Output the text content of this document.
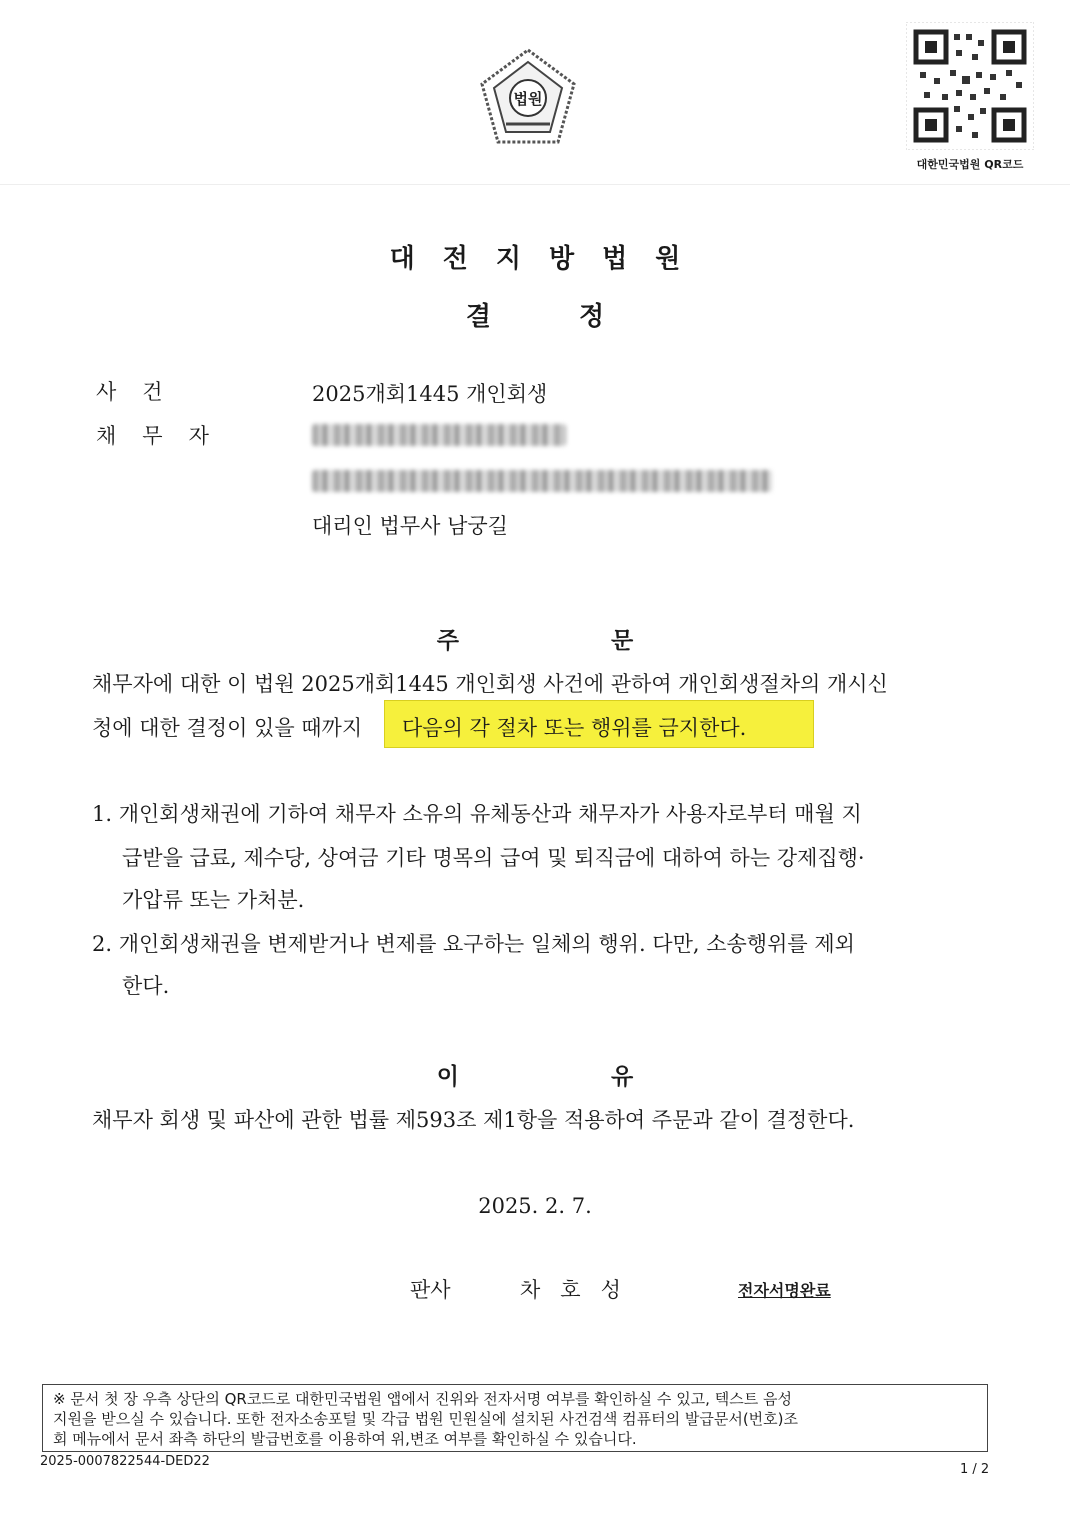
법원
대한민국법원 QR코드
대전지방법원
결정
사건	2025개회1445 개인회생
채무자
대리인 법무사 남궁길
주 문
채무자에 대한 이 법원 2025개회1445 개인회생 사건에 관하여 개인회생절차의 개시신
청에 대한 결정이 있을 때까지 다음의 각 절차 또는 행위를 금지한다.
1. 개인회생채권에 기하여 채무자 소유의 유체동산과 채무자가 사용자로부터 매월 지
급받을 급료, 제수당, 상여금 기타 명목의 급여 및 퇴직금에 대하여 하는 강제집행·
가압류 또는 가처분.
2. 개인회생채권을 변제받거나 변제를 요구하는 일체의 행위. 다만, 소송행위를 제외
한다.
이 유
채무자 회생 및 파산에 관한 법률 제593조 제1항을 적용하여 주문과 같이 결정한다.
2025. 2. 7.
판사	차호성	전자서명완료
※ 문서 첫 장 우측 상단의 QR코드로 대한민국법원 앱에서 진위와 전자서명 여부를 확인하실 수 있고, 텍스트 음성
지원을 받으실 수 있습니다. 또한 전자소송포털 및 각급 법원 민원실에 설치된 사건검색 컴퓨터의 발급문서(번호)조
회 메뉴에서 문서 좌측 하단의 발급번호를 이용하여 위,변조 여부를 확인하실 수 있습니다.
2025-0007822544-DED22
1 / 2
